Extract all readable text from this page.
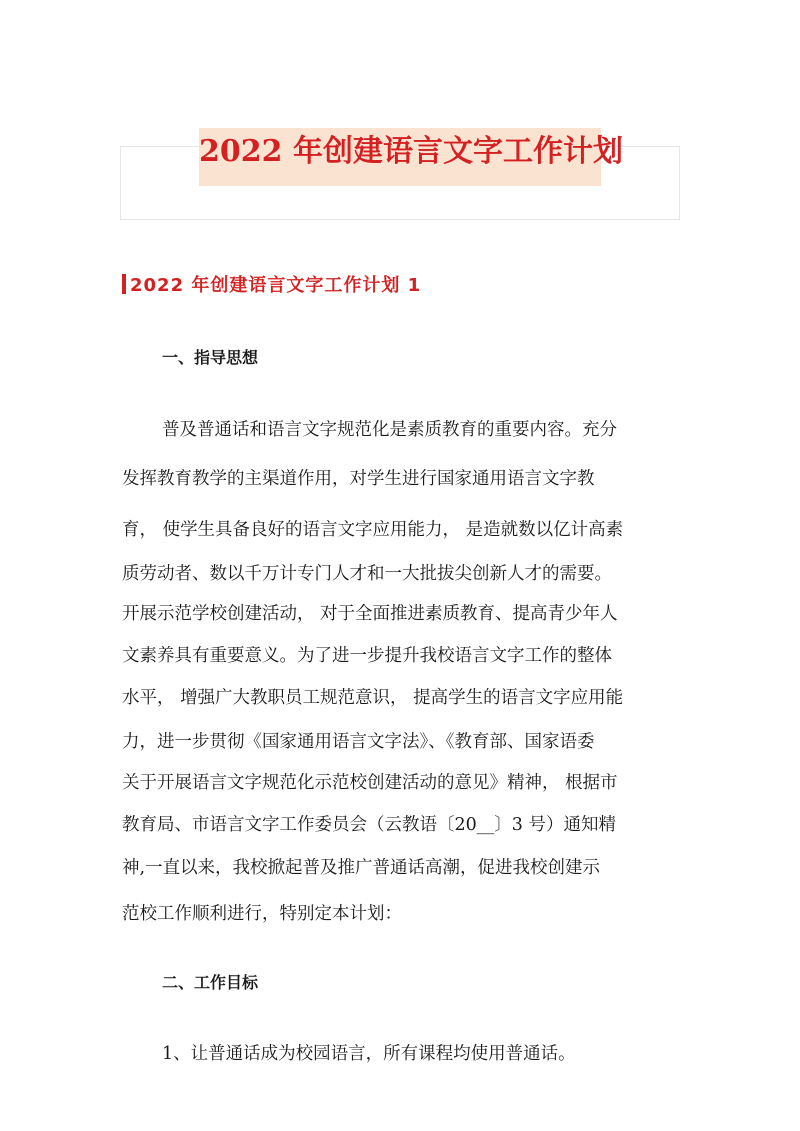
2022 年创建语言文字工作计划
2022 年创建语言文字工作计划 1
一、指导思想

普及普通话和语言文字规范化是素质教育的重要内容。充分

发挥教育教学的主渠道作用，对学生进行国家通用语言文字教

育， 使学生具备良好的语言文字应用能力， 是造就数以亿计高素

质劳动者、数以千万计专门人才和一大批拔尖创新人才的需要。

开展示范学校创建活动， 对于全面推进素质教育、提高青少年人

文素养具有重要意义。为了进一步提升我校语言文字工作的整体

水平， 增强广大教职员工规范意识， 提高学生的语言文字应用能

力，进一步贯彻《国家通用语言文字法》、《教育部、国家语委

关于开展语言文字规范化示范校创建活动的意见》精神， 根据市

教育局、市语言文字工作委员会（云教语〔20__〕3 号）通知精

神,一直以来，我校掀起普及推广普通话高潮，促进我校创建示

范校工作顺利进行，特别定本计划：

二、工作目标

1、让普通话成为校园语言，所有课程均使用普通话。
